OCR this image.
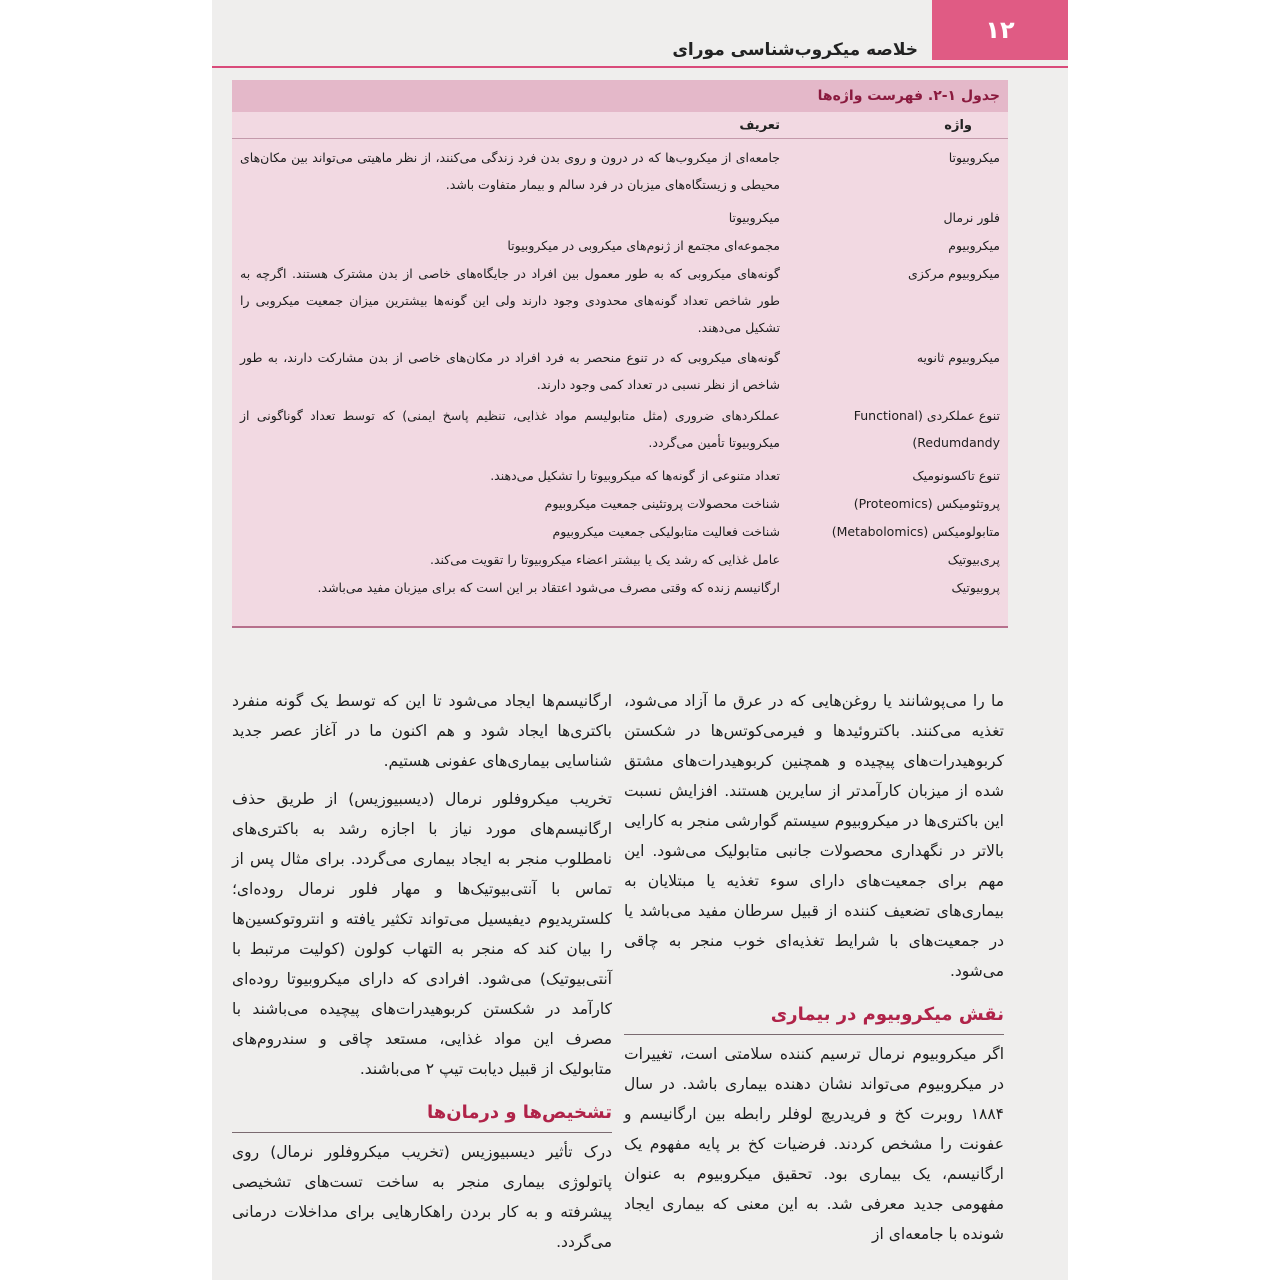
۱۲
خلاصه میکروب‌شناسی مورای
جدول ۱-۲. فهرست واژه‌ها
واژه
تعریف
میکروبیوتا
جامعه‌ای از میکروب‌ها که در درون و روی بدن فرد زندگی می‌کنند، از نظر ماهیتی می‌تواند بین مکان‌های محیطی و زیستگاه‌های میزبان در فرد سالم و بیمار متفاوت باشد.
فلور نرمال
میکروبیوتا
میکروبیوم
مجموعه‌ای مجتمع از ژنوم‌های میکروبی در میکروبیوتا
میکروبیوم مرکزی
گونه‌های میکروبی که به طور معمول بین افراد در جایگاه‌های خاصی از بدن مشترک هستند. اگرچه به طور شاخص تعداد گونه‌های محدودی وجود دارند ولی این گونه‌ها بیشترین میزان جمعیت میکروبی را تشکیل می‌دهند.
میکروبیوم ثانویه
گونه‌های میکروبی که در تنوع منحصر به فرد افراد در مکان‌های خاصی از بدن مشارکت دارند، به طور شاخص از نظر نسبی در تعداد کمی وجود دارند.
تنوع عملکردی (Functional Redumdandy)
عملکردهای ضروری (مثل متابولیسم مواد غذایی، تنظیم پاسخ ایمنی) که توسط تعداد گوناگونی از میکروبیوتا تأمین می‌گردد.
تنوع تاکسونومیک
تعداد متنوعی از گونه‌ها که میکروبیوتا را تشکیل می‌دهند.
پروتئومیکس (Proteomics)
شناخت محصولات پروتئینی جمعیت میکروبیوم
متابولومیکس (Metabolomics)
شناخت فعالیت متابولیکی جمعیت میکروبیوم
پری‌بیوتیک
عامل غذایی که رشد یک یا بیشتر اعضاء میکروبیوتا را تقویت می‌کند.
پروبیوتیک
ارگانیسم زنده که وقتی مصرف می‌شود اعتقاد بر این است که برای میزبان مفید می‌باشد.

ما را می‌پوشانند یا روغن‌هایی که در عرق ما آزاد می‌شود، تغذیه می‌کنند. باکتروئیدها و فیرمی‌کوتس‌ها در شکستن کربوهیدرات‌های پیچیده و همچنین کربوهیدرات‌های مشتق شده از میزبان کارآمدتر از سایرین هستند. افزایش نسبت این باکتری‌ها در میکروبیوم سیستم گوارشی منجر به کارایی بالاتر در نگهداری محصولات جانبی متابولیک می‌شود. این مهم برای جمعیت‌های دارای سوء تغذیه یا مبتلایان به بیماری‌های تضعیف کننده از قبیل سرطان مفید می‌باشد یا در جمعیت‌های با شرایط تغذیه‌ای خوب منجر به چاقی می‌شود.

نقش میکروبیوم در بیماری

اگر میکروبیوم نرمال ترسیم کننده سلامتی است، تغییرات در میکروبیوم می‌تواند نشان دهنده بیماری باشد. در سال ۱۸۸۴ روبرت کخ و فریدریچ لوفلر رابطه بین ارگانیسم و عفونت را مشخص کردند. فرضیات کخ بر پایه مفهوم یک ارگانیسم، یک بیماری بود. تحقیق میکروبیوم به عنوان مفهومی جدید معرفی شد. به این معنی که بیماری ایجاد شونده با جامعه‌ای از

ارگانیسم‌ها ایجاد می‌شود تا این که توسط یک گونه منفرد باکتری‌ها ایجاد شود و هم اکنون ما در آغاز عصر جدید شناسایی بیماری‌های عفونی هستیم.

تخریب میکروفلور نرمال (دیسبیوزیس) از طریق حذف ارگانیسم‌های مورد نیاز با اجازه رشد به باکتری‌های نامطلوب منجر به ایجاد بیماری می‌گردد. برای مثال پس از تماس با آنتی‌بیوتیک‌ها و مهار فلور نرمال روده‌ای؛ کلستریدیوم دیفیسیل می‌تواند تکثیر یافته و انتروتوکسین‌ها را بیان کند که منجر به التهاب کولون (کولیت مرتبط با آنتی‌بیوتیک) می‌شود. افرادی که دارای میکروبیوتا روده‌ای کارآمد در شکستن کربوهیدرات‌های پیچیده می‌باشند با مصرف این مواد غذایی، مستعد چاقی و سندروم‌های متابولیک از قبیل دیابت تیپ ۲ می‌باشند.

تشخیص‌ها و درمان‌ها

درک تأثیر دیسبیوزیس (تخریب میکروفلور نرمال) روی پاتولوژی بیماری منجر به ساخت تست‌های تشخیصی پیشرفته و به کار بردن راهکارهایی برای مداخلات درمانی می‌گردد.
